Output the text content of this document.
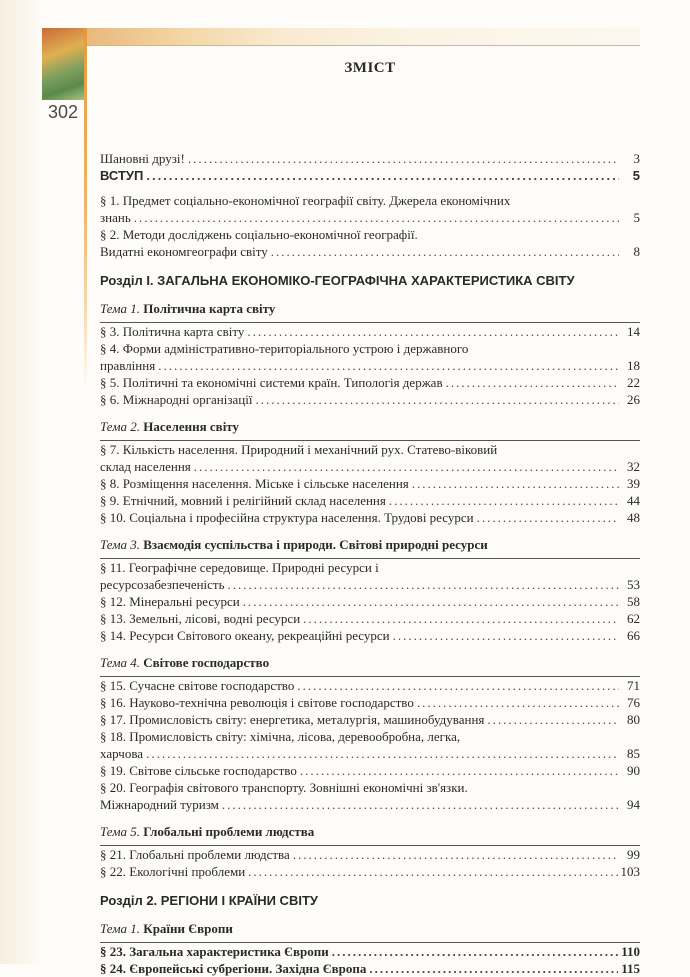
302
ЗМІСТ
Шановні друзі! .....	3
ВСТУП .....	5
§ 1. Предмет соціально-економічної географії світу. Джерела економічних
знань .....	5
§ 2. Методи досліджень соціально-економічної географії.
Видатні економгеографи світу .....	8
Розділ І. ЗАГАЛЬНА ЕКОНОМІКО-ГЕОГРАФІЧНА ХАРАКТЕРИСТИКА СВІТУ
Тема 1. Політична карта світу
§ 3. Політична карта світу .....	14
§ 4. Форми адміністративно-територіального устрою і державного
правління .....	18
§ 5. Політичні та економічні системи країн. Типологія держав .....	22
§ 6. Міжнародні організації .....	26
Тема 2. Населення світу
§ 7. Кількість населення. Природний і механічний рух. Статево-віковий
склад населення .....	32
§ 8. Розміщення населення. Міське і сільське населення .....	39
§ 9. Етнічний, мовний і релігійний склад населення .....	44
§ 10. Соціальна і професійна структура населення. Трудові ресурси .....	48
Тема 3. Взаємодія суспільства і природи. Світові природні ресурси
§ 11. Географічне середовище. Природні ресурси і
ресурсозабезпеченість .....	53
§ 12. Мінеральні ресурси .....	58
§ 13. Земельні, лісові, водні ресурси .....	62
§ 14. Ресурси Світового океану, рекреаційні ресурси .....	66
Тема 4. Світове господарство
§ 15. Сучасне світове господарство .....	71
§ 16. Науково-технічна революція і світове господарство .....	76
§ 17. Промисловість світу: енергетика, металургія, машинобудування .....	80
§ 18. Промисловість світу: хімічна, лісова, деревообробна, легка,
харчова .....	85
§ 19. Світове сільське господарство .....	90
§ 20. Географія світового транспорту. Зовнішні економічні зв'язки.
Міжнародний туризм .....	94
Тема 5. Глобальні проблеми людства
§ 21. Глобальні проблеми людства .....	99
§ 22. Екологічні проблеми .....	103
Розділ 2. РЕГІОНИ І КРАЇНИ СВІТУ
Тема 1. Країни Європи
§ 23. Загальна характеристика Європи .....	110
§ 24. Європейські субрегіони. Західна Європа .....	115
